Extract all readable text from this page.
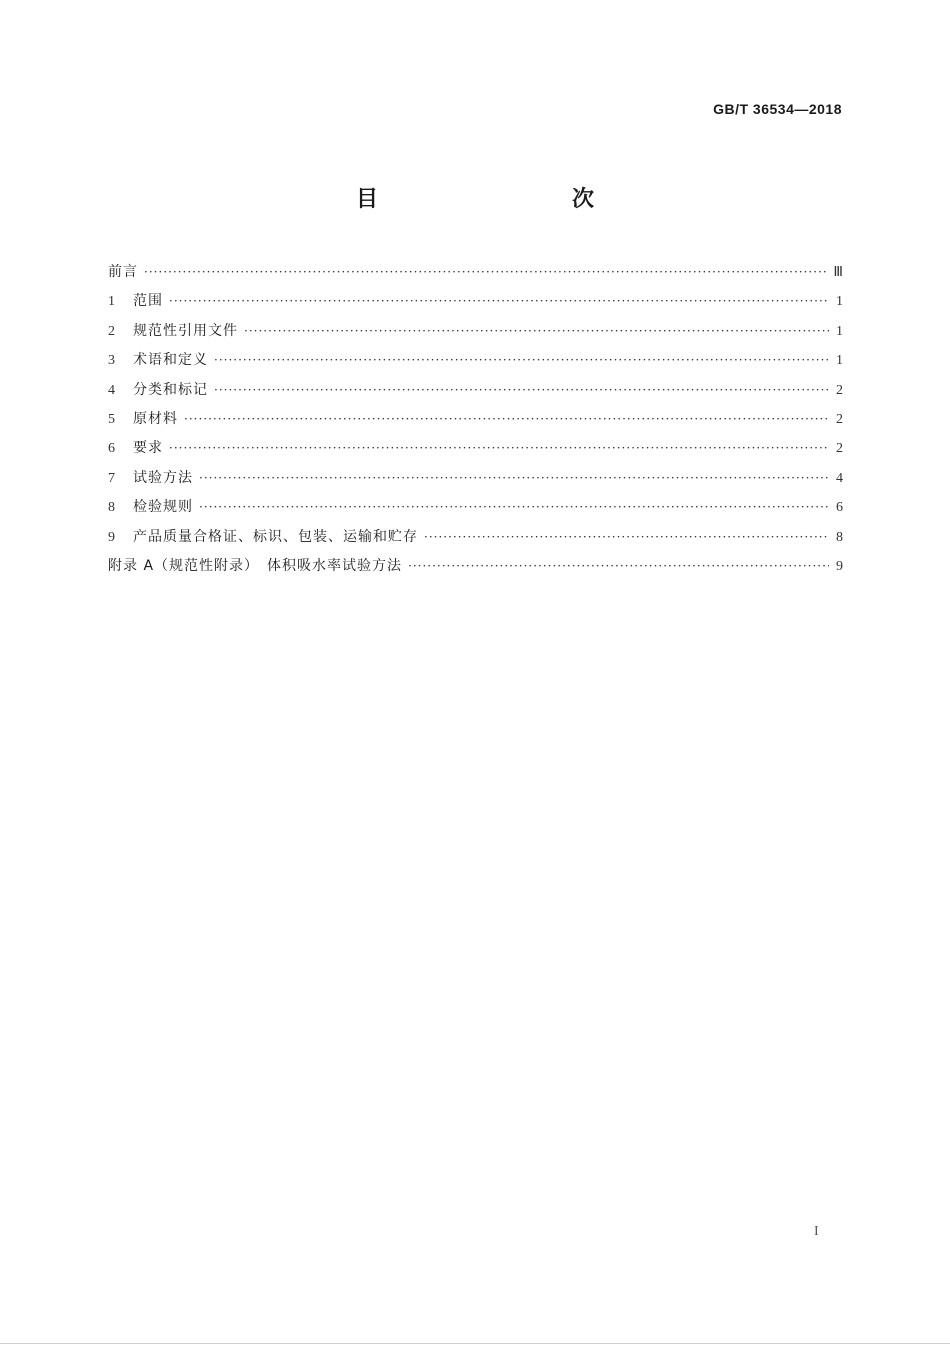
GB/T 36534—2018
目　　次
前言 ·····	Ⅲ
1	范围 ·····	1
2	规范性引用文件 ·····	1
3	术语和定义 ·····	1
4	分类和标记 ·····	2
5	原材料 ·····	2
6	要求 ·····	2
7	试验方法 ·····	4
8	检验规则 ·····	6
9	产品质量合格证、标识、包装、运输和贮存 ·····	8
附录 A（规范性附录）　体积吸水率试验方法 ·····	9
I
